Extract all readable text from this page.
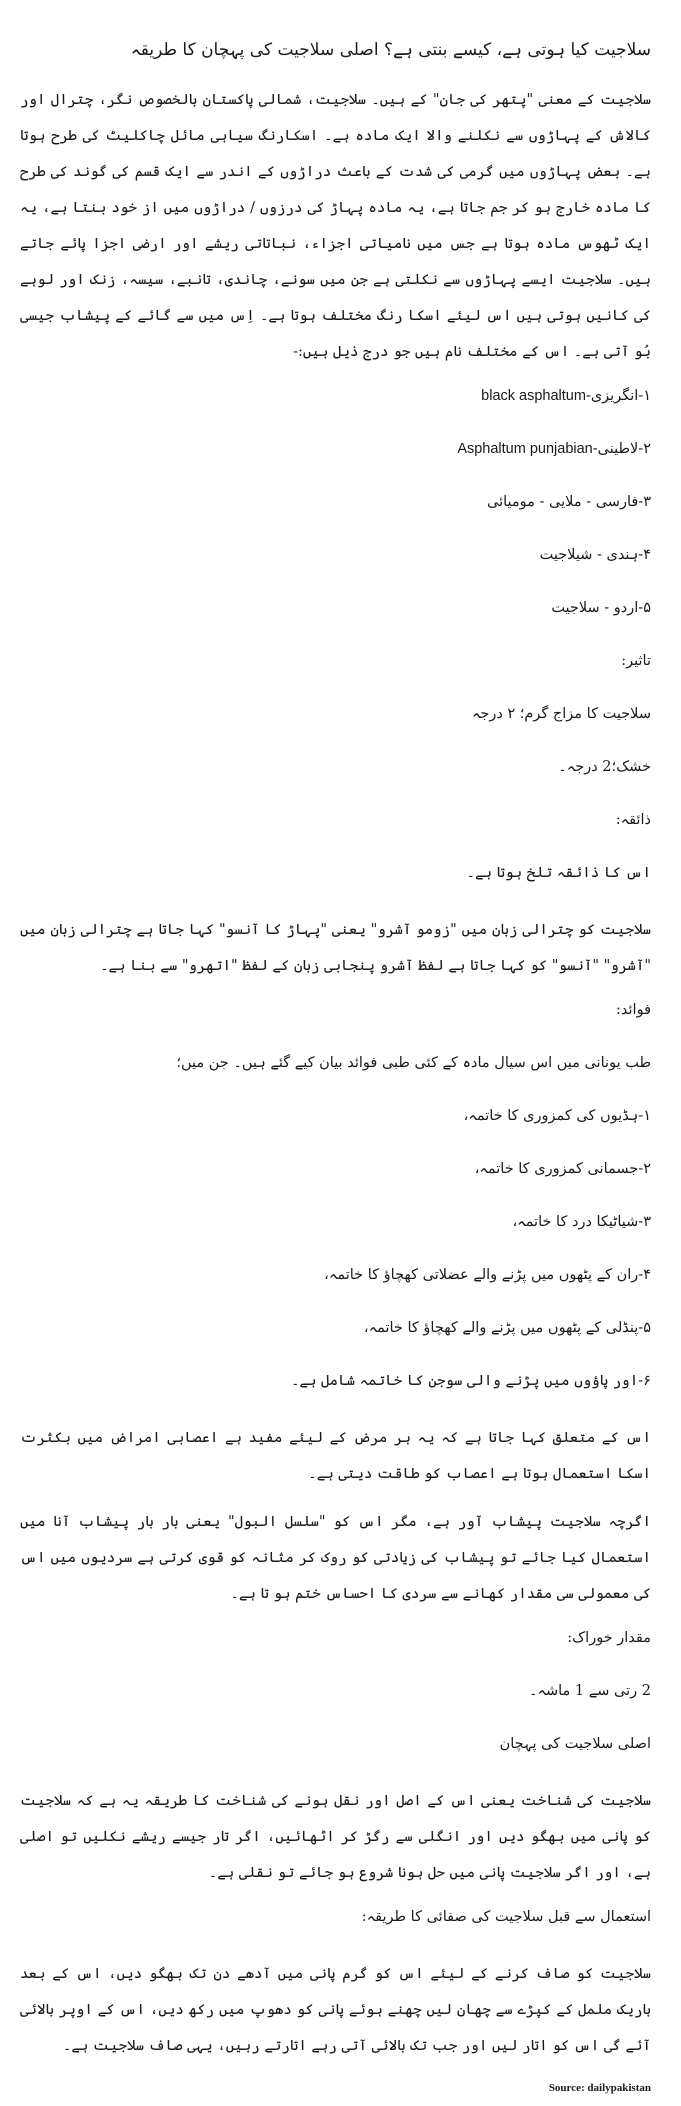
سلاجیت کیا ہوتی ہے، کیسے بنتی ہے؟ اصلی سلاجیت کی پہچان کا طریقہ

سلاجیت کے معنی "پتھر کی جان" کے ہیں۔ سلاجیت، شمالی پاکستان بالخصوص نگر، چترال اور کالاش کے پہاڑوں سے نکلنے والا ایک مادہ ہے۔ اسکارنگ سیاہی مائل چاکلیٹ کی طرح ہوتا ہے۔ بعض پہاڑوں میں گرمی کی شدت کے باعث دراڑوں کے اندر سے ایک قسم کی گوند کی طرح کا مادہ خارج ہو کر جم جاتا ہے، یہ مادہ پہاڑ کی درزوں / دراڑوں میں از خود بنتا ہے، یہ ایک ٹھوس مادہ ہوتا ہے جس میں نامیاتی اجزاء، نباتاتی ریشے اور ارضی اجزا پائے جاتے ہیں۔ سلاجیت ایسے پہاڑوں سے نکلتی ہے جن میں سونے، چاندی، تانبے، سیسہ، زنک اور لوہے کی کانیں ہوتی ہیں اس لیئے اسکا رنگ مختلف ہوتا ہے۔ اِس میں سے گائے کے پیشاب جیسی بُو آتی ہے۔ اس کے مختلف نام ہیں جو درج ذیل ہیں:-

۱-انگریزی-black asphaltum
۲-لاطینی-Asphaltum punjabian
۳-فارسی - ملایی - مومیائی
۴-ہندی - شیلاجیت
۵-اردو - سلاجیت
تاثیر:
سلاجیت کا مزاج گرم؛ ۲ درجہ
خشک؛2 درجہ۔
ذائقہ:
اس کا ذائقہ تلخ ہوتا ہے۔

سلاجیت کو چترالی زبان میں "زومو آشرو" یعنی "پہاڑ کا آنسو" کہا جاتا ہے چترالی زبان میں "آشرو" "آنسو" کو کہا جاتا ہے لفظ آشرو پنجابی زبان کے لفظ "اتھرو" سے بنا ہے۔

فوائد:
طب یونانی میں اس سیال مادہ کے کئی طبی فوائد بیان کیے گئے ہیں۔ جن میں؛
۱-ہڈیوں کی کمزوری کا خاتمہ،
۲-جسمانی کمزوری کا خاتمہ،
۳-شیاٹیکا درد کا خاتمہ،
۴-ران کے پٹھوں میں پڑنے والے عضلاتی کھچاؤ کا خاتمہ،
۵-پنڈلی کے پٹھوں میں پڑنے والے کھچاؤ کا خاتمہ،
۶-اور پاؤوں میں پڑنے والی سوجن کا خاتمہ شامل ہے۔

اس کے متعلق کہا جاتا ہے کہ یہ ہر مرض کے لیئے مفید ہے اعصابی امراض میں بکثرت اسکا استعمال ہوتا ہے اعصاب کو طاقت دیتی ہے۔

اگرچہ سلاجیت پیشاب آور ہے، مگر اس کو "سلسل البول" یعنی بار بار پیشاب آنا میں استعمال کیا جائے تو پیشاب کی زیادتی کو روک کر مثانہ کو قوی کرتی ہے سردیوں میں اس کی معمولی سی مقدار کھانے سے سردی کا احساس ختم ہو تا ہے۔

مقدار خوراک:
2 رتی سے 1 ماشہ۔
اصلی سلاجیت کی پہچان

سلاجیت کی شناخت یعنی اس کے اصل اور نقل ہونے کی شناخت کا طریقہ یہ ہے کہ سلاجیت کو پانی میں بھگو دیں اور انگلی سے رگڑ کر اٹھائیں، اگر تار جیسے ریشے نکلیں تو اصلی ہے، اور اگر سلاجیت پانی میں حل ہونا شروع ہو جائے تو نقلی ہے۔

استعمال سے قبل سلاجیت کی صفائی کا طریقہ:

سلاجیت کو صاف کرنے کے لیئے اس کو گرم پانی میں آدھے دن تک بھگو دیں، اس کے بعد باریک ململ کے کپڑے سے چھان لیں چھنے ہوئے پانی کو دھوپ میں رکھ دیں، اس کے اوپر بالائی آئے گی اس کو اتار لیں اور جب تک بالائی آتی رہے اتارتے رہیں، یہی صاف سلاجیت ہے۔

Source: dailypakistan
